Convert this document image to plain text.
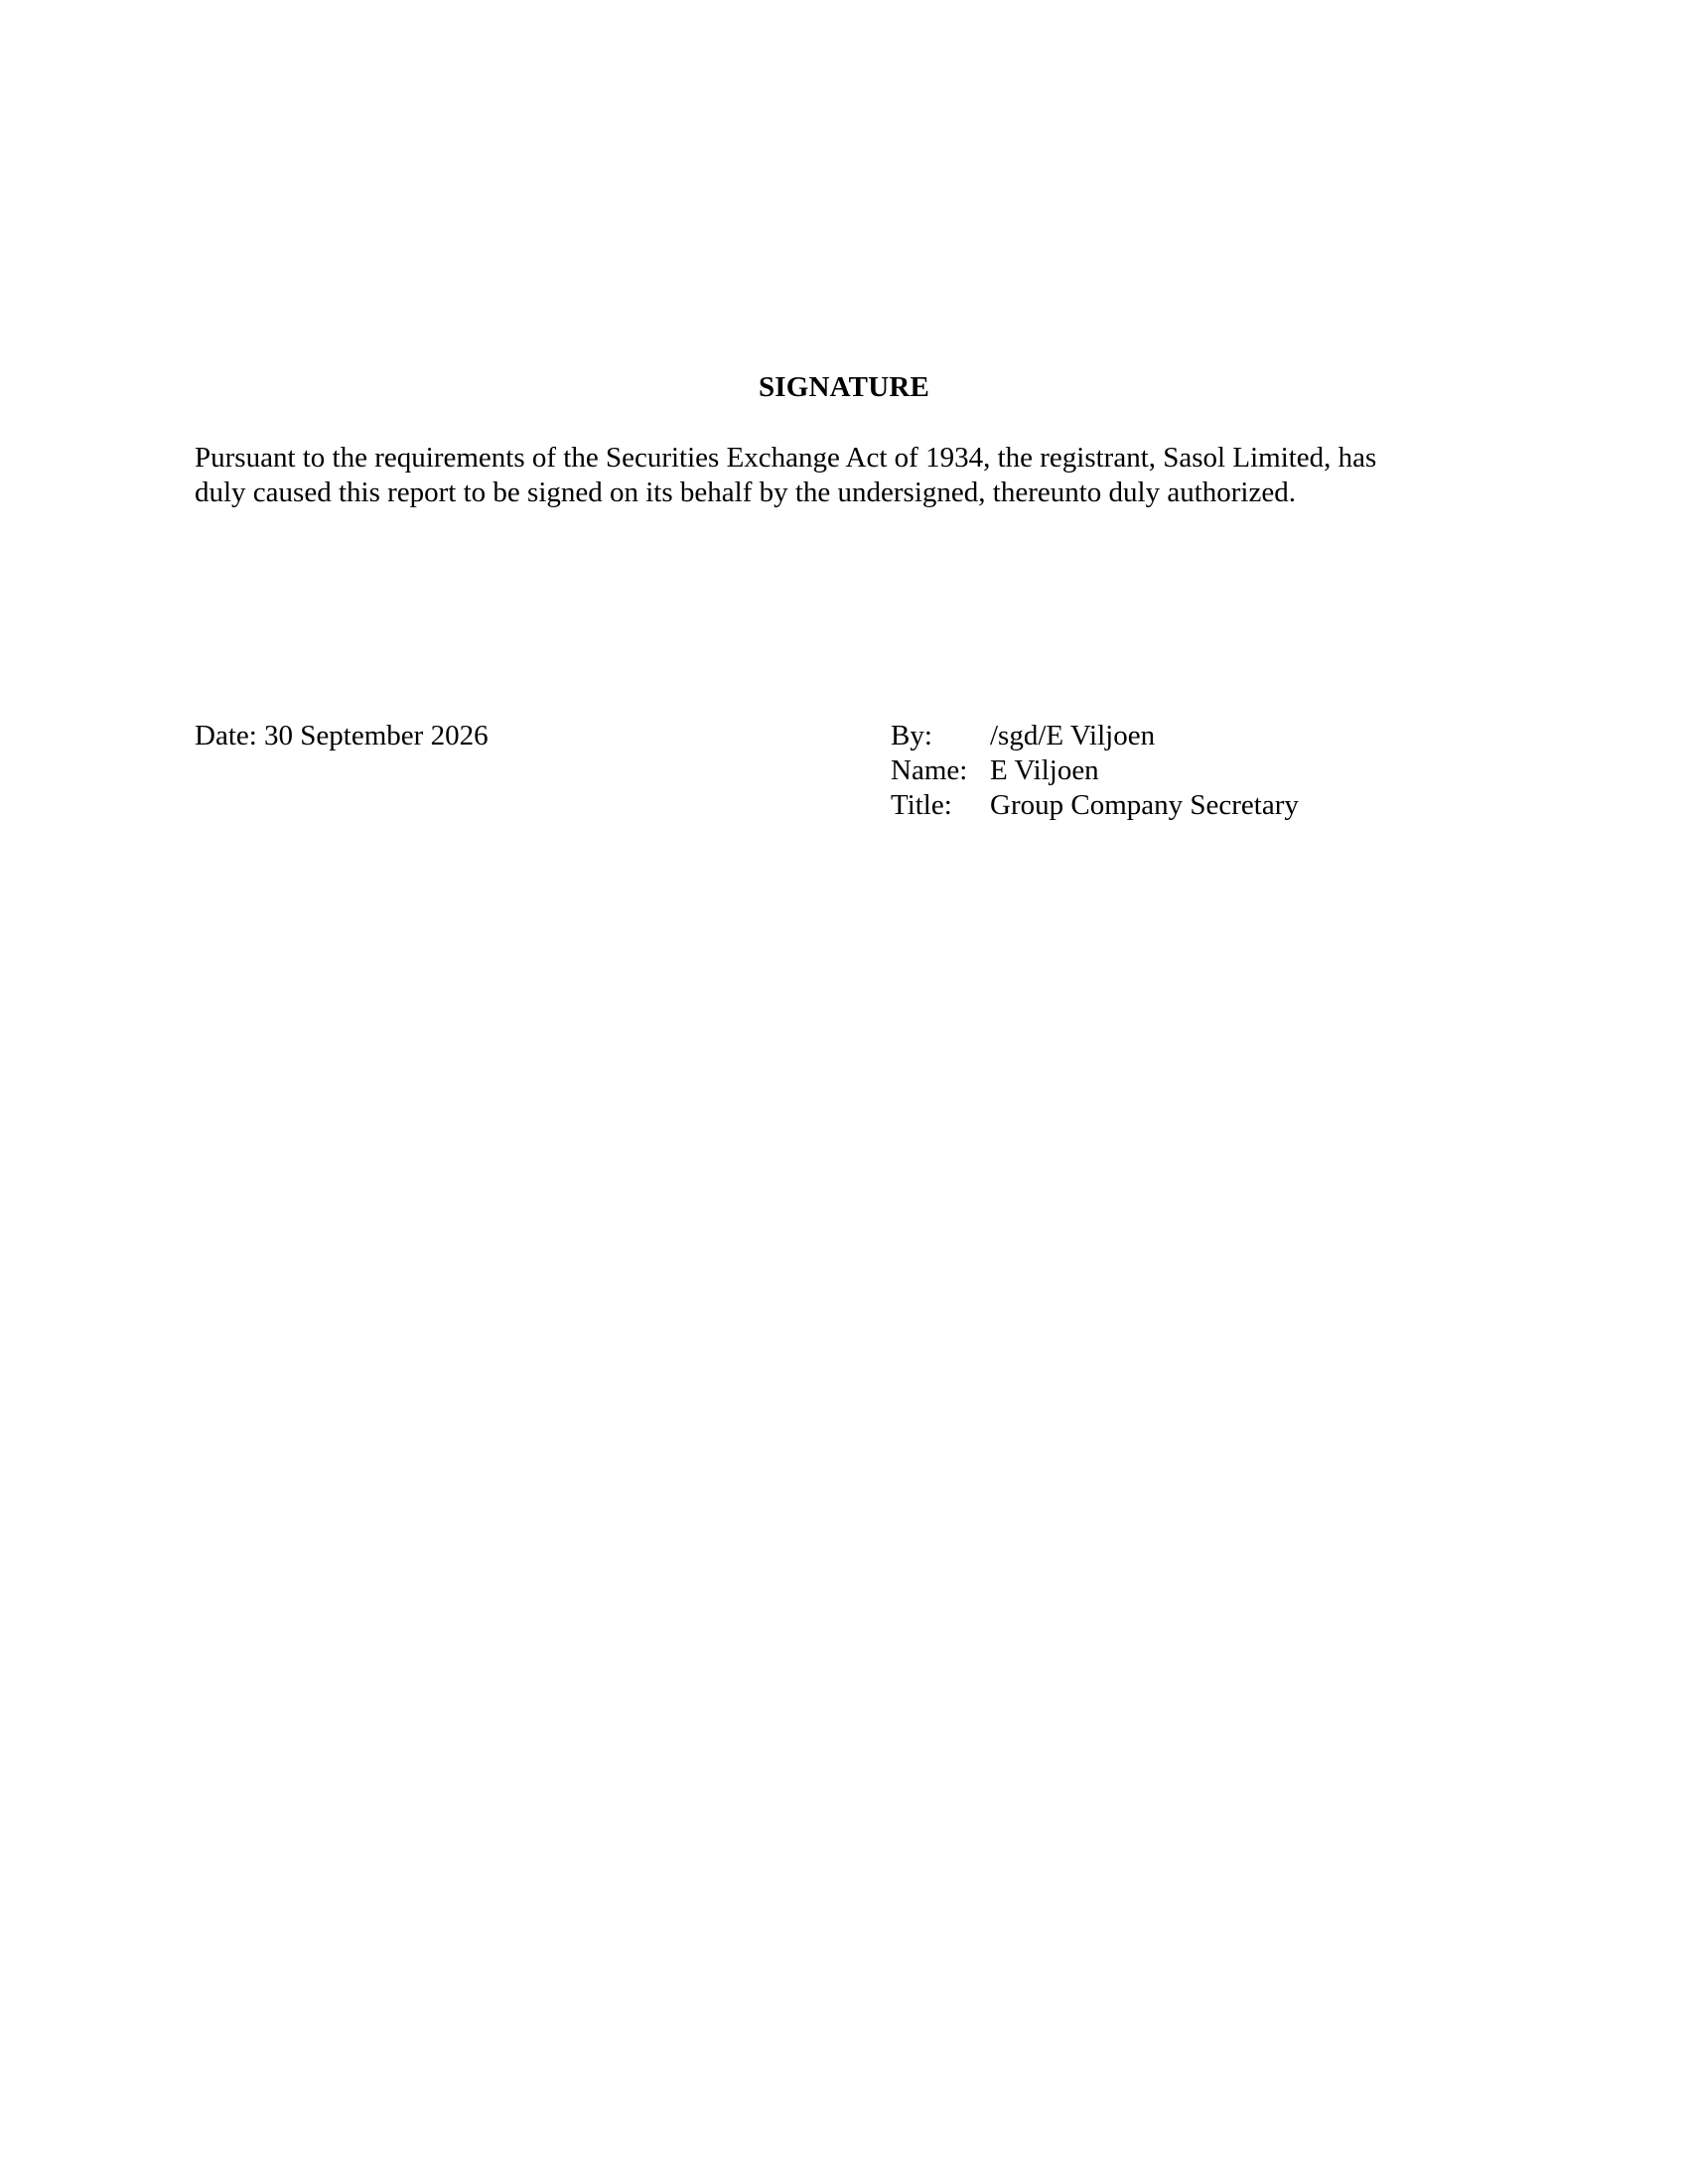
SIGNATURE
Pursuant to the requirements of the Securities Exchange Act of 1934, the registrant, Sasol Limited, has
duly caused this report to be signed on its behalf by the undersigned, thereunto duly authorized.
Date: 30 September 2026	By:	/sgd/E Viljoen
Name: E Viljoen
Title:	Group Company Secretary
